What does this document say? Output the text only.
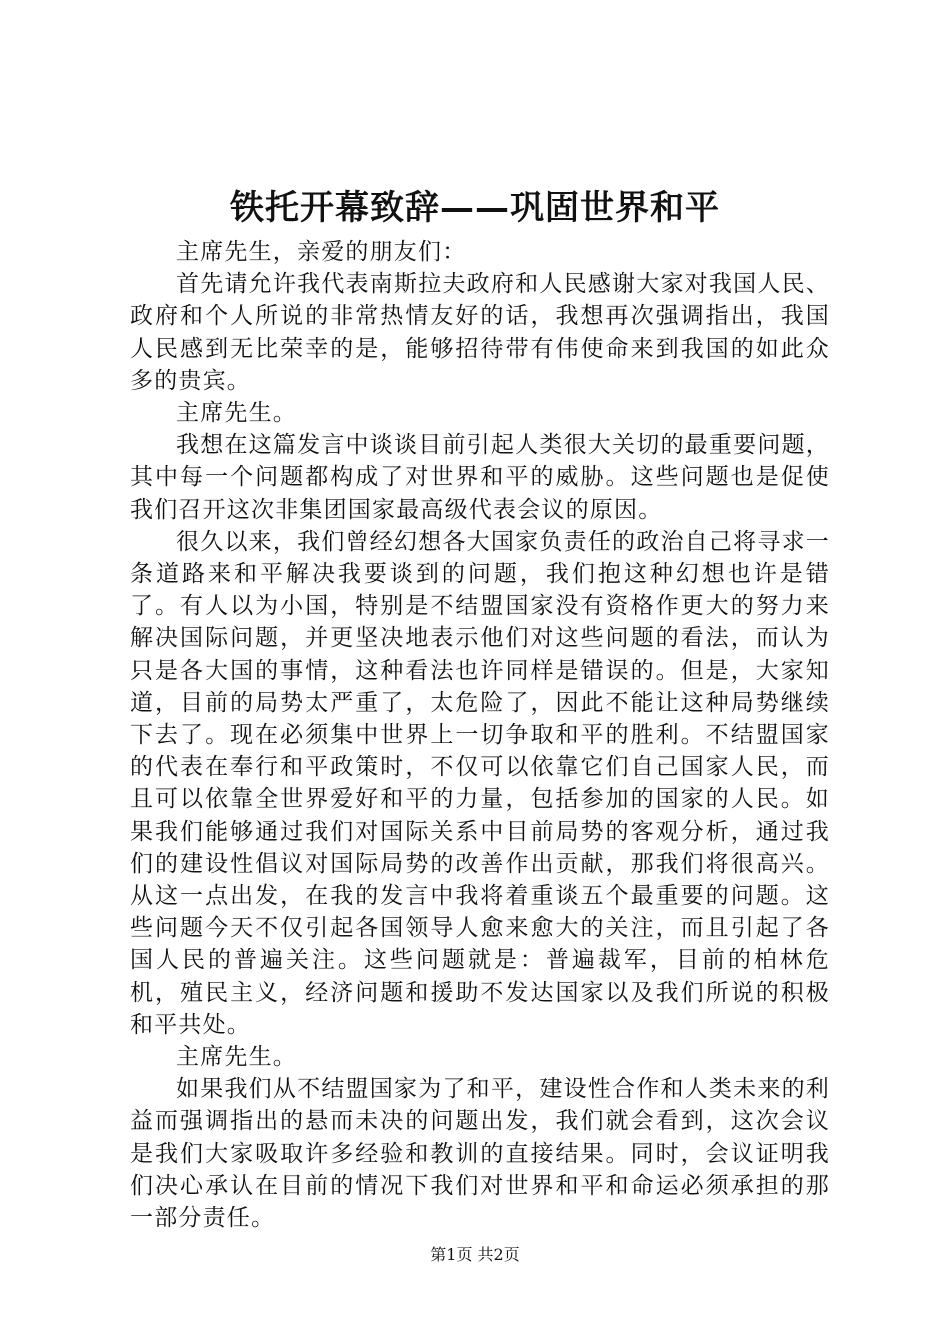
铁托开幕致辞——巩固世界和平

主席先生，亲爱的朋友们：

首先请允许我代表南斯拉夫政府和人民感谢大家对我国人民、政府和个人所说的非常热情友好的话，我想再次强调指出，我国人民感到无比荣幸的是，能够招待带有伟使命来到我国的如此众多的贵宾。

主席先生。

我想在这篇发言中谈谈目前引起人类很大关切的最重要问题，其中每一个问题都构成了对世界和平的威胁。这些问题也是促使我们召开这次非集团国家最高级代表会议的原因。

很久以来，我们曾经幻想各大国家负责任的政治自己将寻求一条道路来和平解决我要谈到的问题，我们抱这种幻想也许是错了。有人以为小国，特别是不结盟国家没有资格作更大的努力来解决国际问题，并更坚决地表示他们对这些问题的看法，而认为只是各大国的事情，这种看法也许同样是错误的。但是，大家知道，目前的局势太严重了，太危险了，因此不能让这种局势继续下去了。现在必须集中世界上一切争取和平的胜利。不结盟国家的代表在奉行和平政策时，不仅可以依靠它们自己国家人民，而且可以依靠全世界爱好和平的力量，包括参加的国家的人民。如果我们能够通过我们对国际关系中目前局势的客观分析，通过我们的建设性倡议对国际局势的改善作出贡献，那我们将很高兴。从这一点出发，在我的发言中我将着重谈五个最重要的问题。这些问题今天不仅引起各国领导人愈来愈大的关注，而且引起了各国人民的普遍关注。这些问题就是：普遍裁军，目前的柏林危机，殖民主义，经济问题和援助不发达国家以及我们所说的积极和平共处。

主席先生。

如果我们从不结盟国家为了和平，建设性合作和人类未来的利益而强调指出的悬而未决的问题出发，我们就会看到，这次会议是我们大家吸取许多经验和教训的直接结果。同时，会议证明我们决心承认在目前的情况下我们对世界和平和命运必须承担的那一部分责任。

第1页 共2页
